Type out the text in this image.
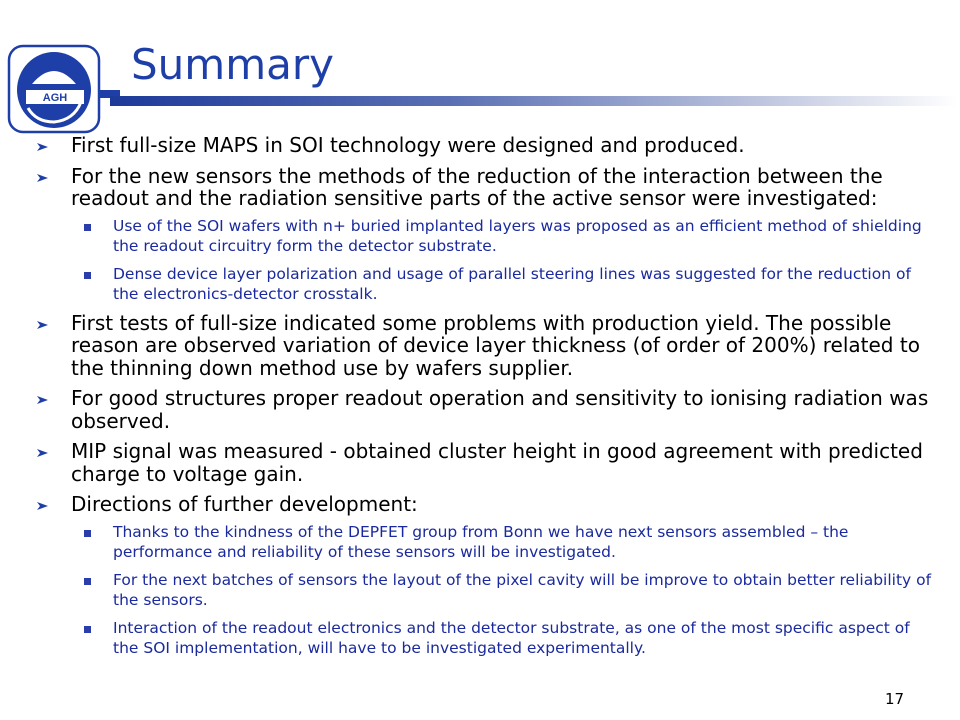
AGH
Summary
First full-size MAPS in SOI technology were designed and produced.
For the new sensors the methods of the reduction of the interaction between the readout and the radiation sensitive parts of the active sensor were investigated:
Use of the SOI wafers with n+ buried implanted layers was proposed as an efficient method of shielding the readout circuitry form the detector substrate.
Dense device layer polarization and usage of parallel steering lines was suggested for the reduction of the electronics-detector crosstalk.
First tests of full-size indicated some problems with production yield. The possible reason are observed variation of device layer thickness (of order of 200%) related to the thinning down method use by wafers supplier.
For good structures proper readout operation and sensitivity to ionising radiation was observed.
MIP signal was measured - obtained cluster height in good agreement with predicted charge to voltage gain.
Directions of further development:
Thanks to the kindness of the DEPFET group from Bonn we have next sensors assembled – the performance and reliability of these sensors will be investigated.
For the next batches of sensors the layout of the pixel cavity will be improve to obtain better reliability of the sensors.
Interaction of the readout electronics and the detector substrate, as one of the most specific aspect of the SOI implementation, will have to be investigated experimentally.
17
